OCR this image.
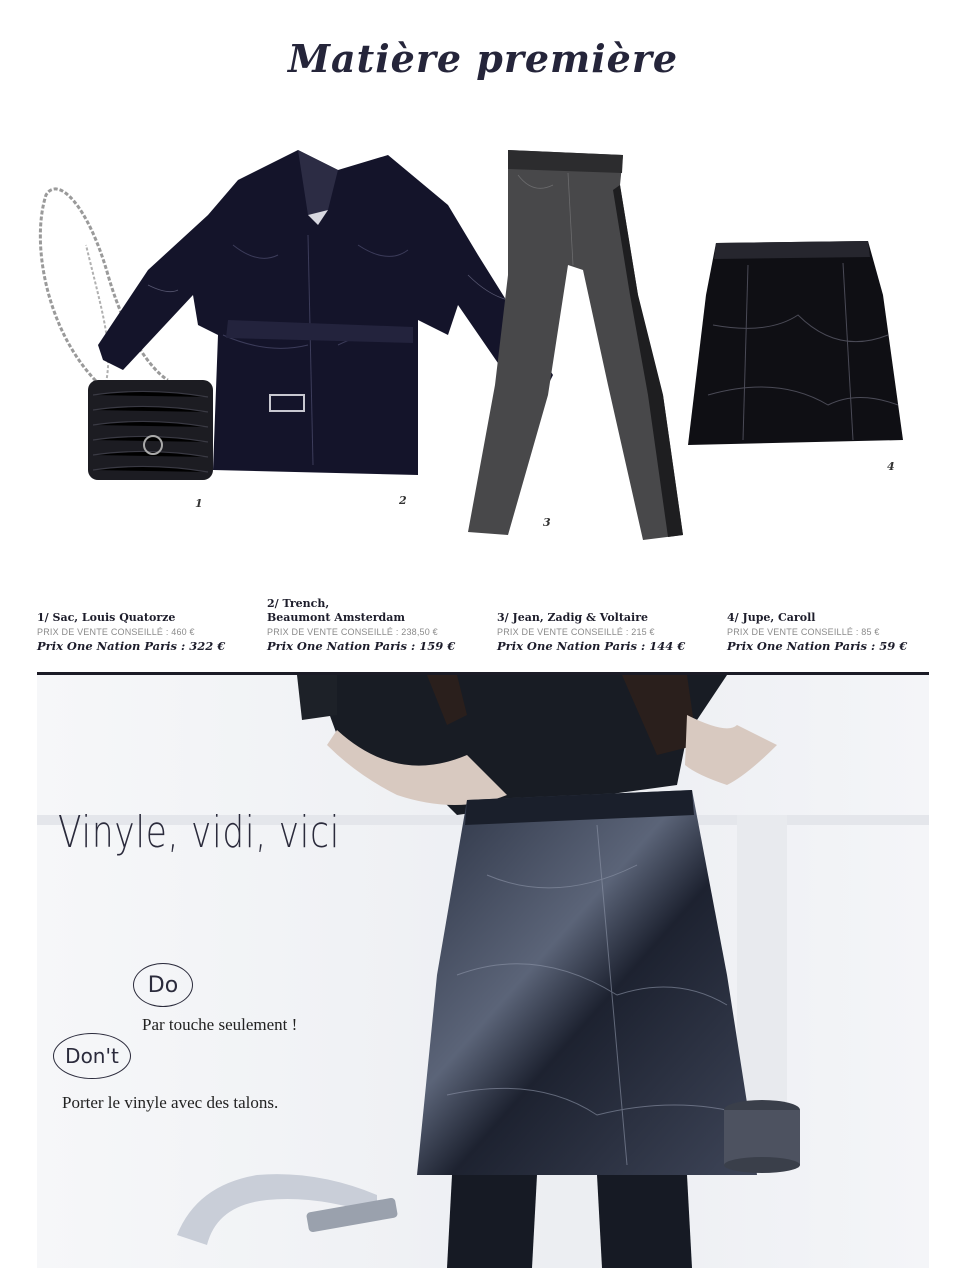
Matière première
1	2
3
4
1/ Sac, Louis Quatorze
PRIX DE VENTE CONSEILLÉ : 460 €
Prix One Nation Paris : 322 €
2/ Trench,
Beaumont Amsterdam
PRIX DE VENTE CONSEILLÉ : 238,50 €
Prix One Nation Paris : 159 €
3/ Jean, Zadig & Voltaire
PRIX DE VENTE CONSEILLÉ : 215 €
Prix One Nation Paris : 144 €
4/ Jupe, Caroll
PRIX DE VENTE CONSEILLÉ : 85 €
Prix One Nation Paris : 59 €
Vinyle, vidi, vici
Do
Par touche seulement !
Don't
Porter le vinyle avec des talons.
